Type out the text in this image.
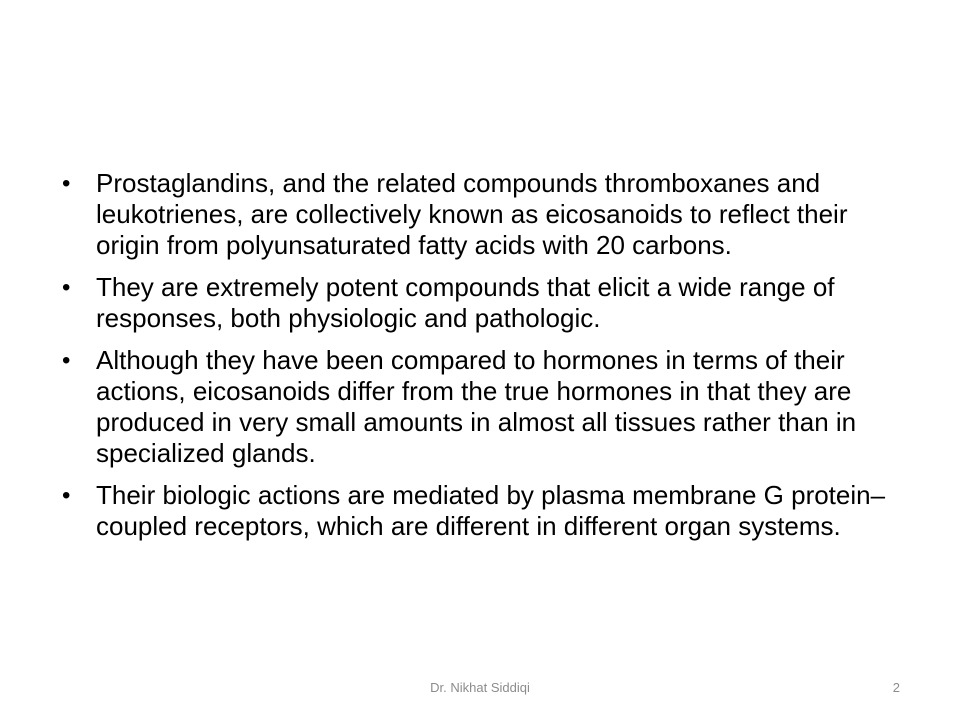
• Prostaglandins, and the related compounds thromboxanes and leukotrienes, are collectively known as eicosanoids to reflect their origin from polyunsaturated fatty acids with 20 carbons.
• They are extremely potent compounds that elicit a wide range of responses, both physiologic and pathologic.
• Although they have been compared to hormones in terms of their actions, eicosanoids differ from the true hormones in that they are produced in very small amounts in almost all tissues rather than in specialized glands.
• Their biologic actions are mediated by plasma membrane G protein–coupled receptors, which are different in different organ systems.
Dr. Nikhat Siddiqi	2
